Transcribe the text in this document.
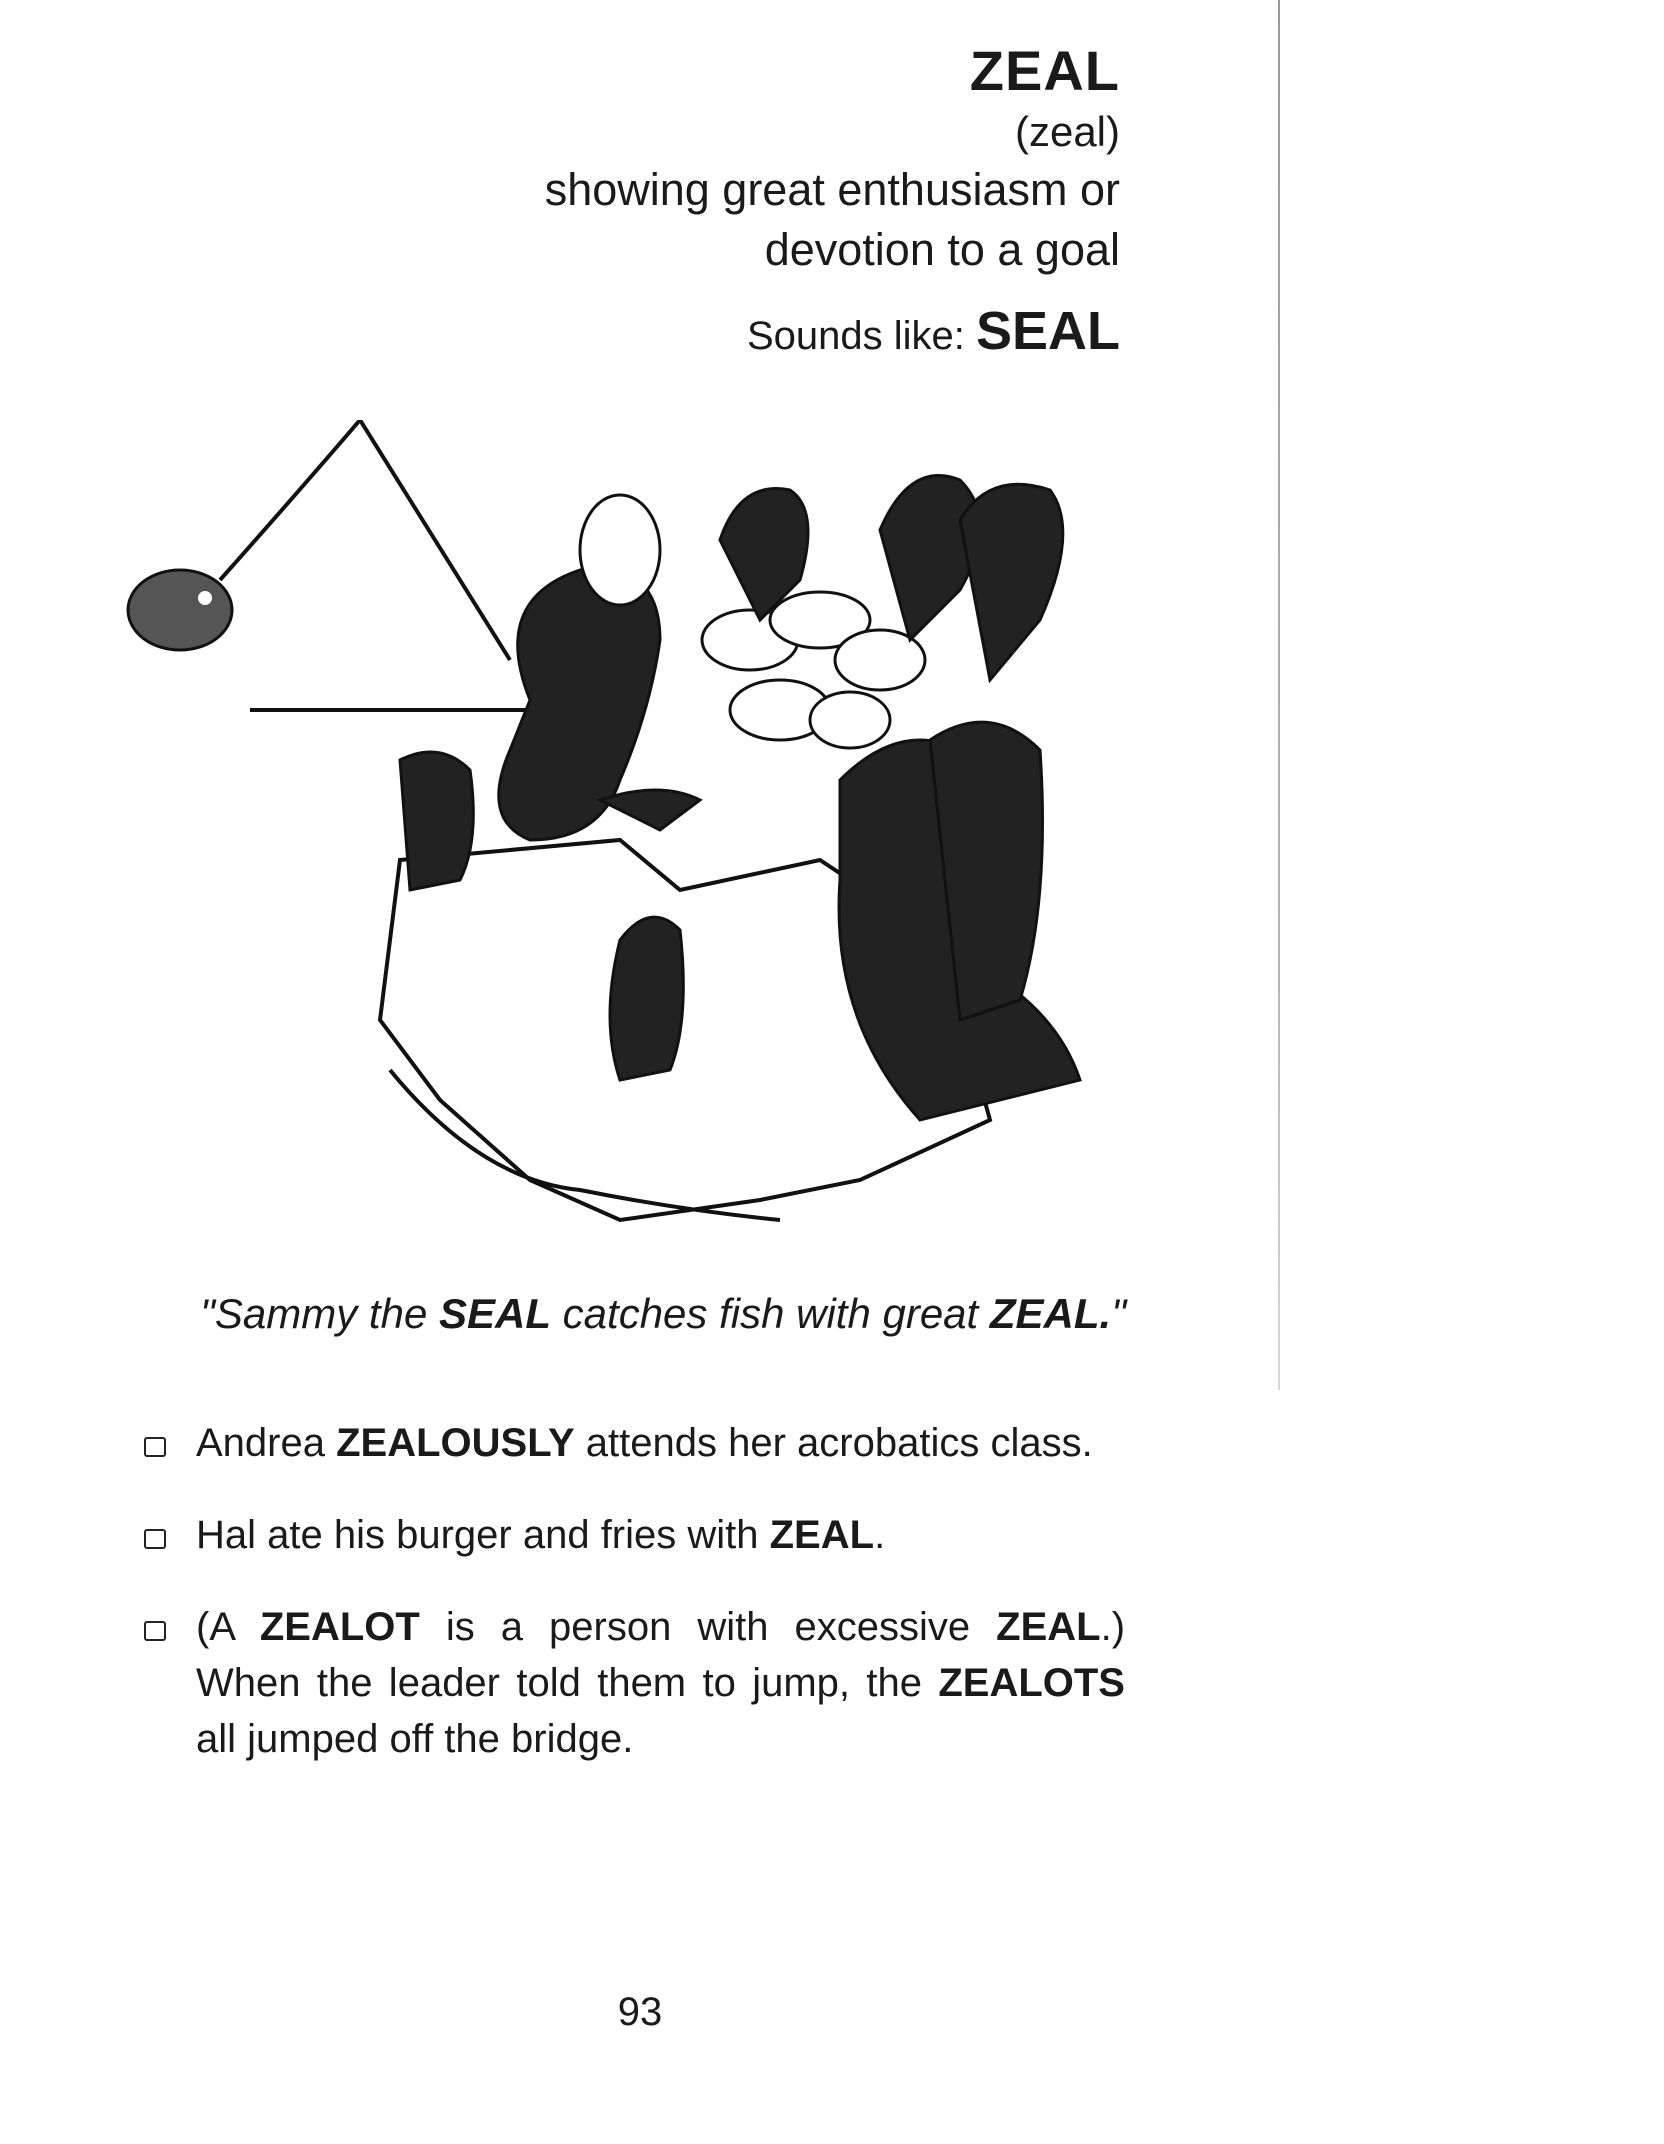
ZEAL
(zeal)
showing great enthusiasm or
devotion to a goal
Sounds like: SEAL
"Sammy the SEAL catches fish with great ZEAL."
Andrea ZEALOUSLY attends her acrobatics class.
Hal ate his burger and fries with ZEAL.
(A ZEALOT is a person with excessive ZEAL.) When the leader told them to jump, the ZEALOTS all jumped off the bridge.
93
